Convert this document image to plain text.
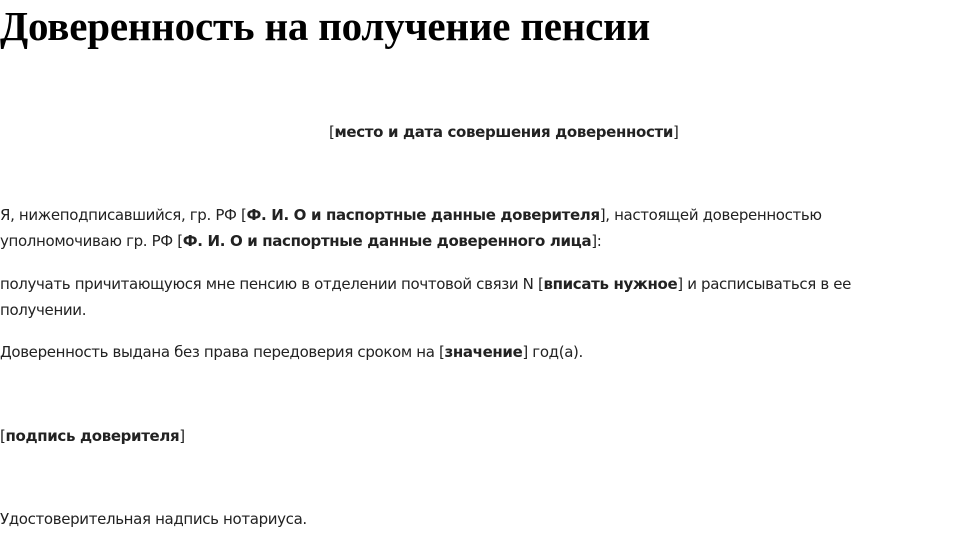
Доверенность на получение пенсии

[место и дата совершения доверенности]

Я, нижеподписавшийся, гр. РФ [Ф. И. О и паспортные данные доверителя], настоящей доверенностью
уполномочиваю гр. РФ [Ф. И. О и паспортные данные доверенного лица]:

получать причитающуюся мне пенсию в отделении почтовой связи N [вписать нужное] и расписываться в ее
получении.

Доверенность выдана без права передоверия сроком на [значение] год(а).

[подпись доверителя]

Удостоверительная надпись нотариуса.
